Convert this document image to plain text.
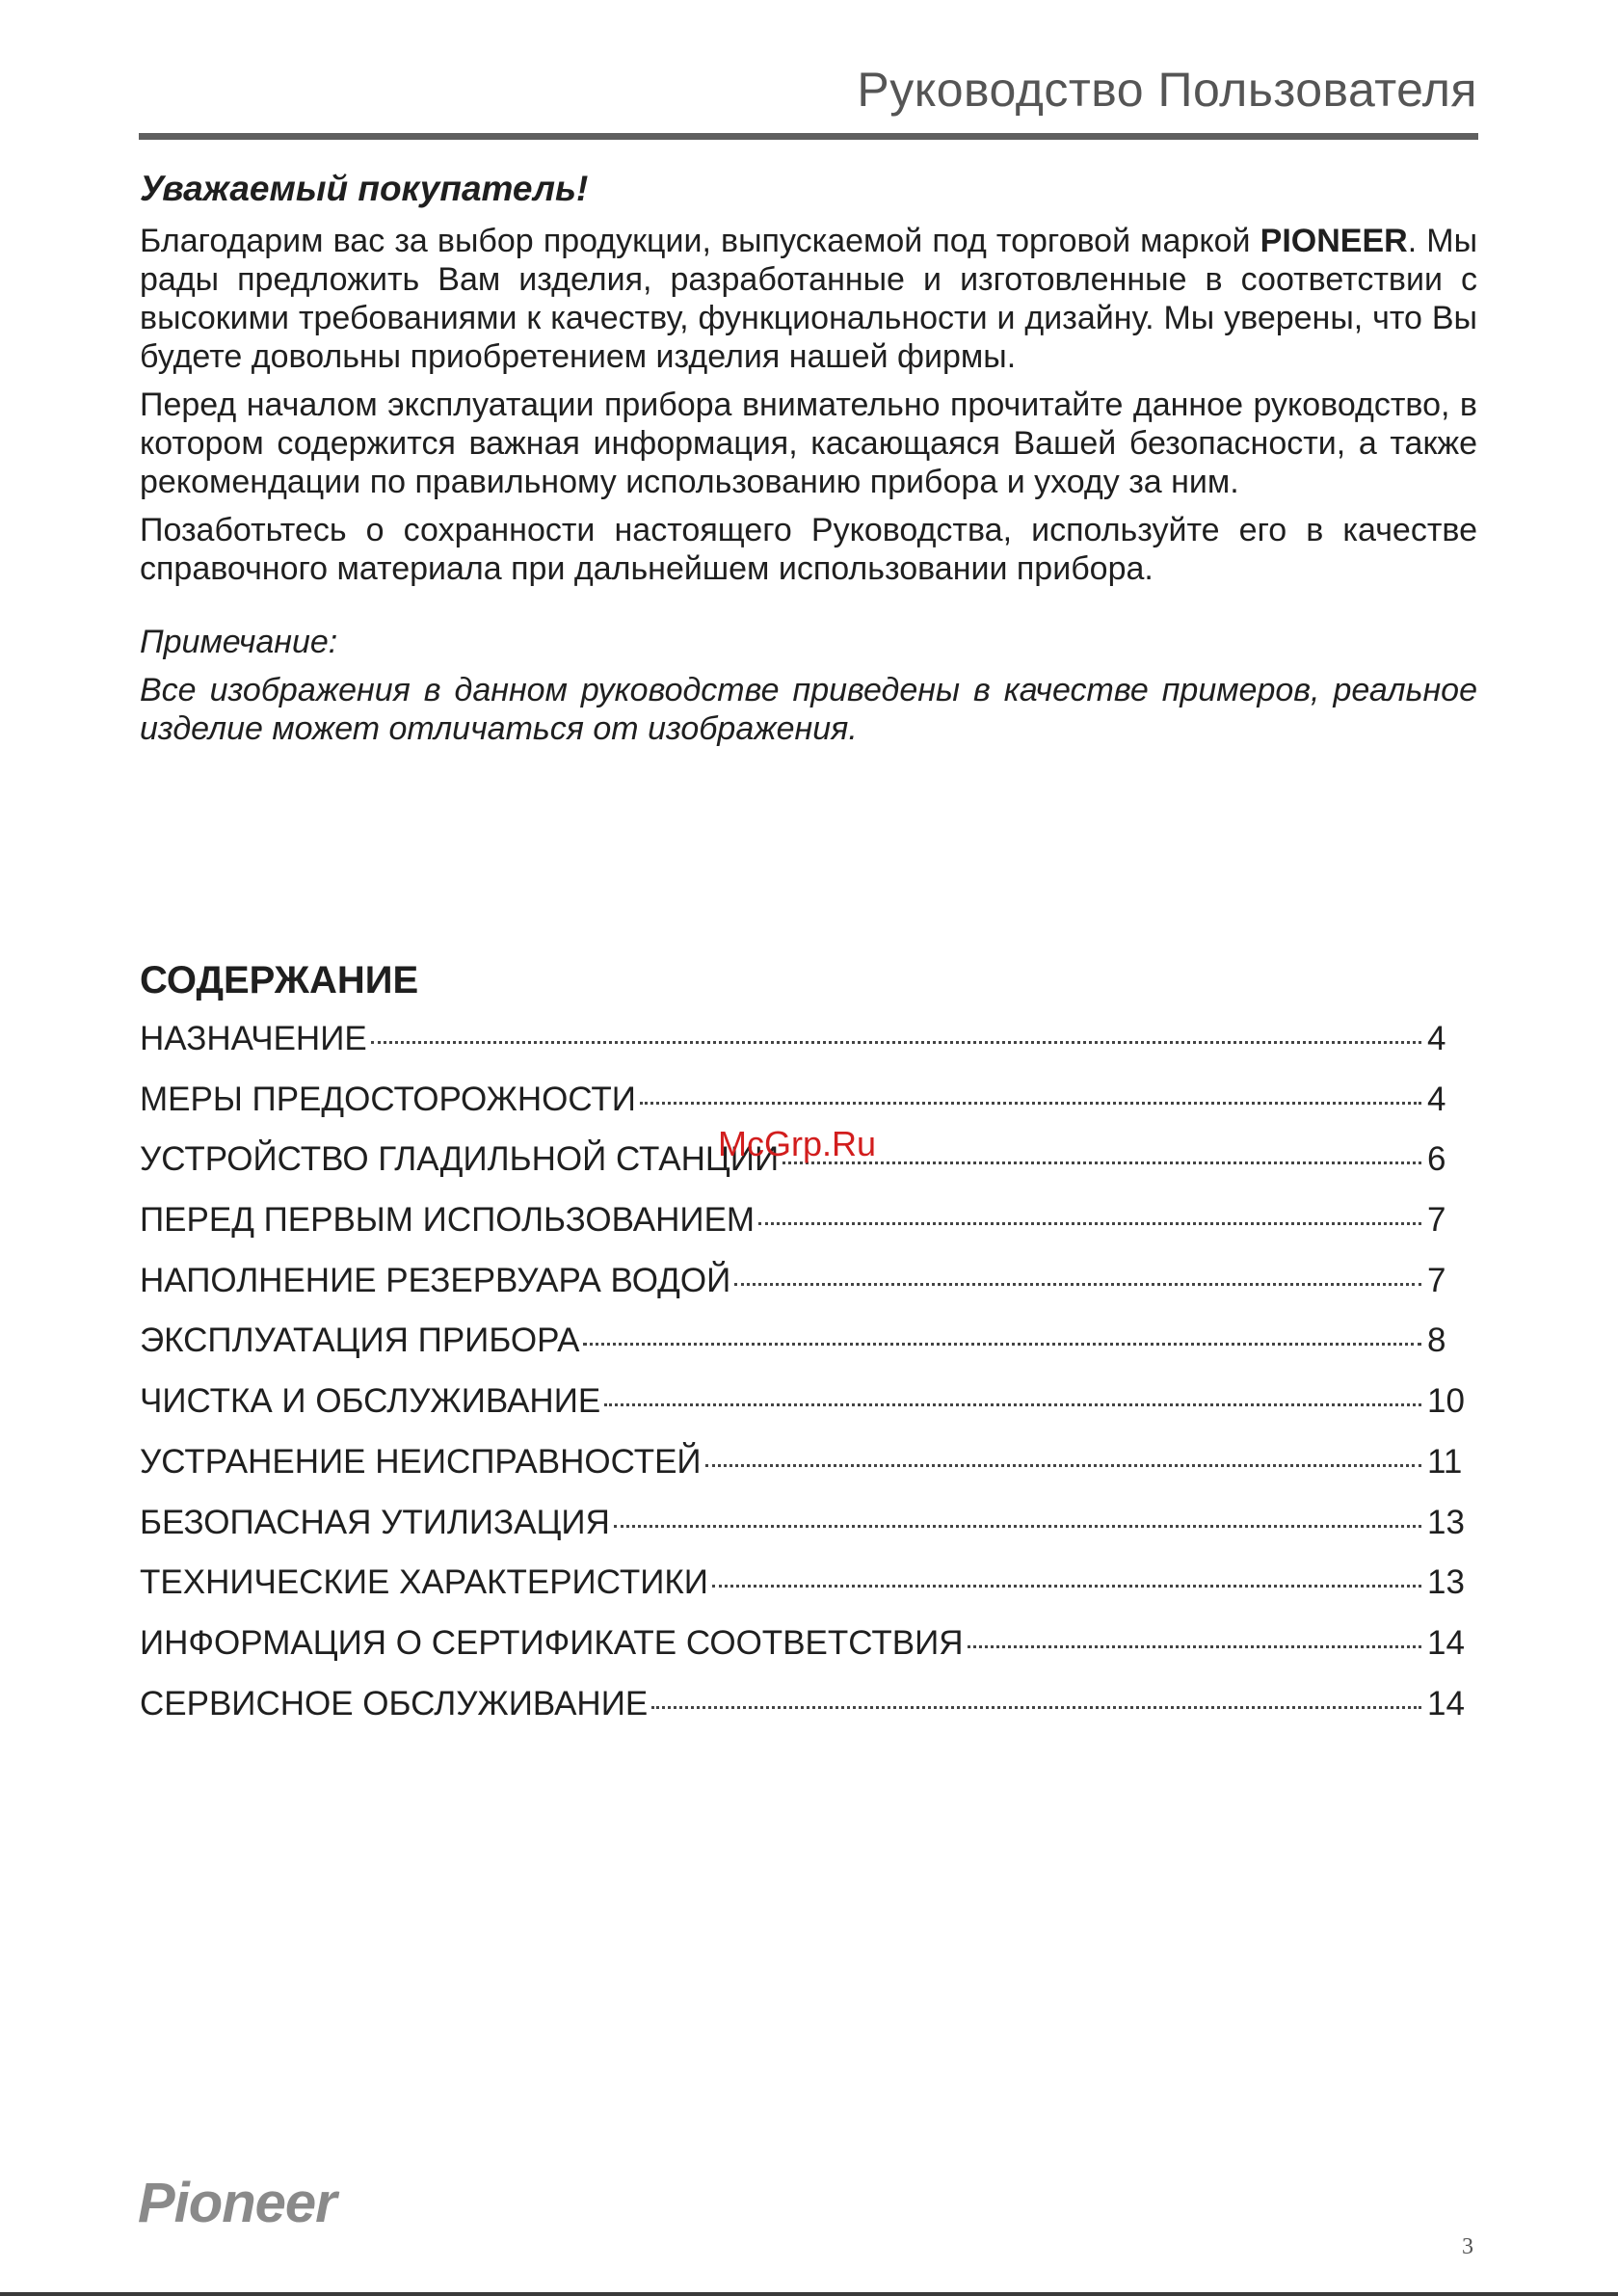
Руководство Пользователя

Уважаемый покупатель!

Благодарим вас за выбор продукции, выпускаемой под торговой маркой PIONEER. Мы рады предложить Вам изделия, разработанные и изготовленные в соответствии с высокими требованиями к качеству, функциональности и дизайну. Мы уверены, что Вы будете довольны приобретением изделия нашей фирмы.

Перед началом эксплуатации прибора внимательно прочитайте данное руководство, в котором содержится важная информация, касающаяся Вашей безопасности, а также рекомендации по правильному использованию прибора и уходу за ним.

Позаботьтесь о сохранности настоящего Руководства, используйте его в качестве справочного материала при дальнейшем использовании прибора.

Примечание:

Все изображения в данном руководстве приведены в качестве примеров, реальное изделие может отличаться от изображения.

СОДЕРЖАНИЕ
НАЗНАЧЕНИЕ	4
МЕРЫ ПРЕДОСТОРОЖНОСТИ	4
УСТРОЙСТВО ГЛАДИЛЬНОЙ СТАНЦИИ	6
ПЕРЕД ПЕРВЫМ ИСПОЛЬЗОВАНИЕМ	7
НАПОЛНЕНИЕ РЕЗЕРВУАРА ВОДОЙ	7
ЭКСПЛУАТАЦИЯ ПРИБОРА	8
ЧИСТКА И ОБСЛУЖИВАНИЕ	10
УСТРАНЕНИЕ НЕИСПРАВНОСТЕЙ	11
БЕЗОПАСНАЯ УТИЛИЗАЦИЯ	13
ТЕХНИЧЕСКИЕ ХАРАКТЕРИСТИКИ	13
ИНФОРМАЦИЯ О СЕРТИФИКАТЕ СООТВЕТСТВИЯ	14
СЕРВИСНОЕ ОБСЛУЖИВАНИЕ	14
McGrp.Ru
Pioneer
3
